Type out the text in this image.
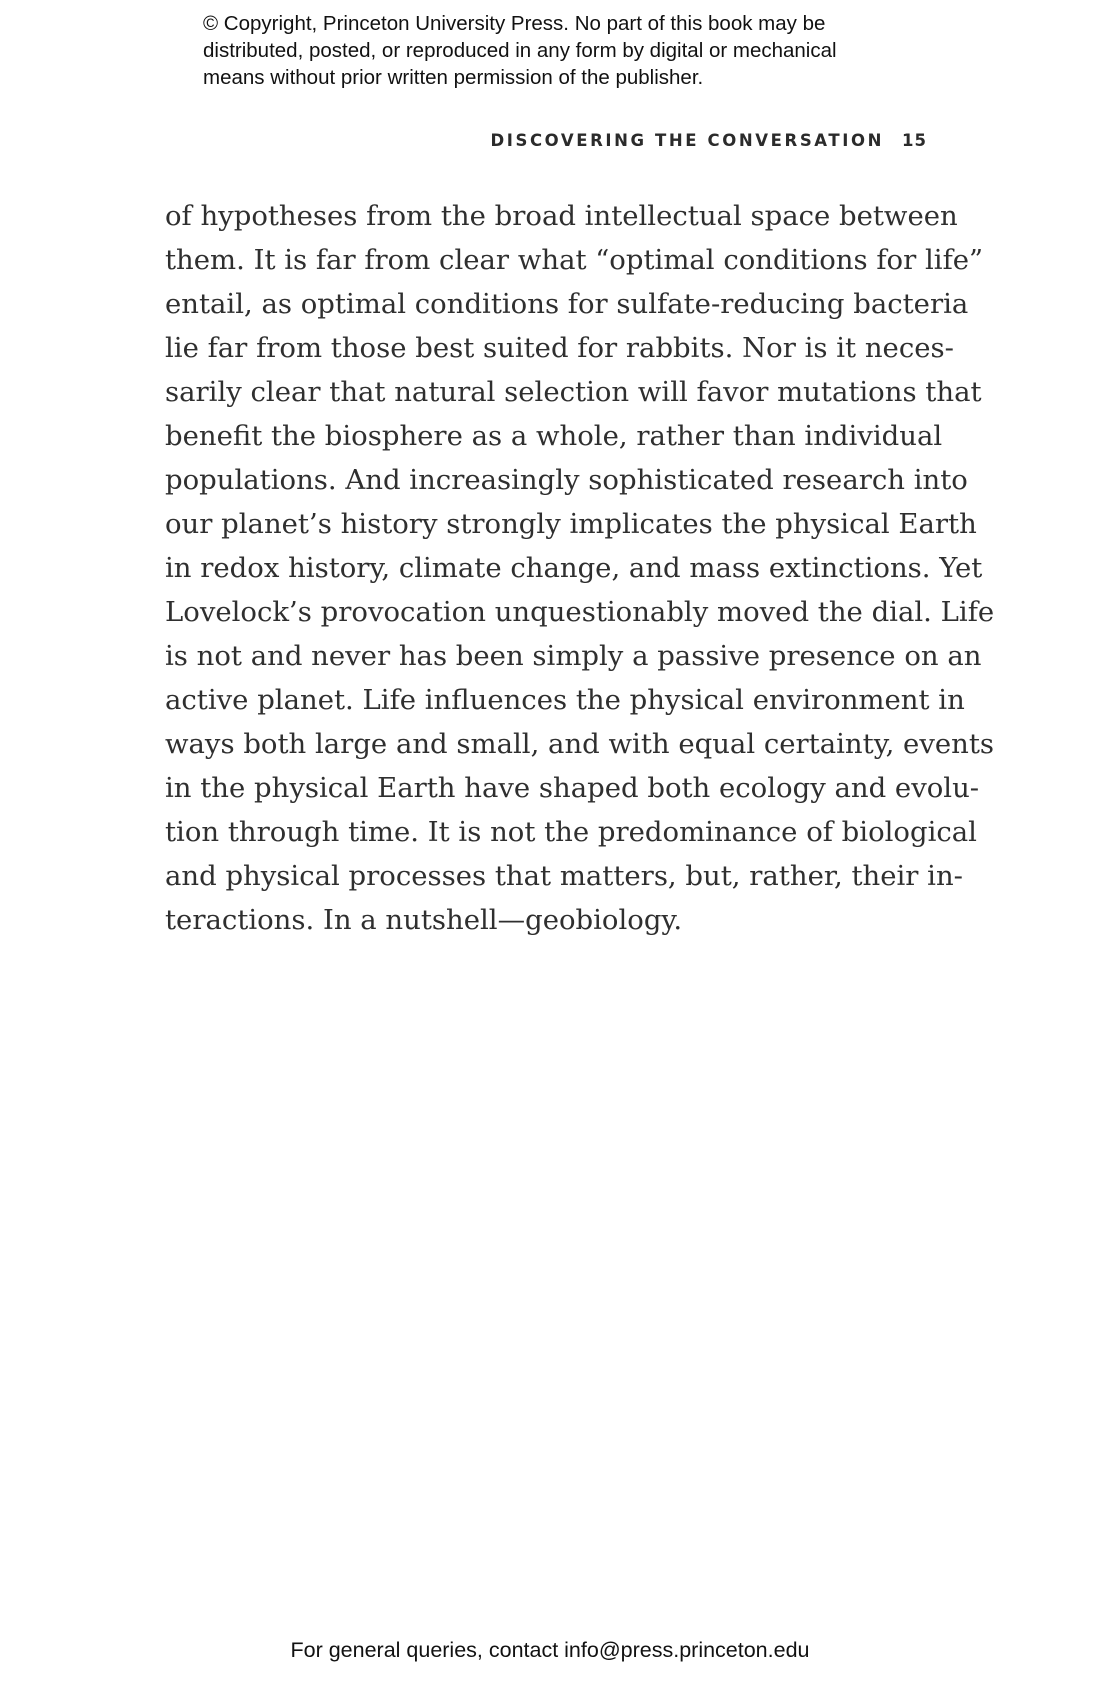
© Copyright, Princeton University Press. No part of this book may be
distributed, posted, or reproduced in any form by digital or mechanical
means without prior written permission of the publisher.
DISCOVERING THE CONVERSATION 15
of hypotheses from the broad intellectual space between
them. It is far from clear what “optimal conditions for life”
entail, as optimal conditions for sulfate-reducing bacteria
lie far from those best suited for rabbits. Nor is it neces-
sarily clear that natural selection will favor mutations that
benefit the biosphere as a whole, rather than individual
populations. And increasingly sophisticated research into
our planet’s history strongly implicates the physical Earth
in redox history, climate change, and mass extinctions. Yet
Lovelock’s provocation unquestionably moved the dial. Life
is not and never has been simply a passive presence on an
active planet. Life influences the physical environment in
ways both large and small, and with equal certainty, events
in the physical Earth have shaped both ecology and evolu-
tion through time. It is not the predominance of biological
and physical processes that matters, but, rather, their in-
teractions. In a nutshell—geobiology.
For general queries, contact info@press.princeton.edu
